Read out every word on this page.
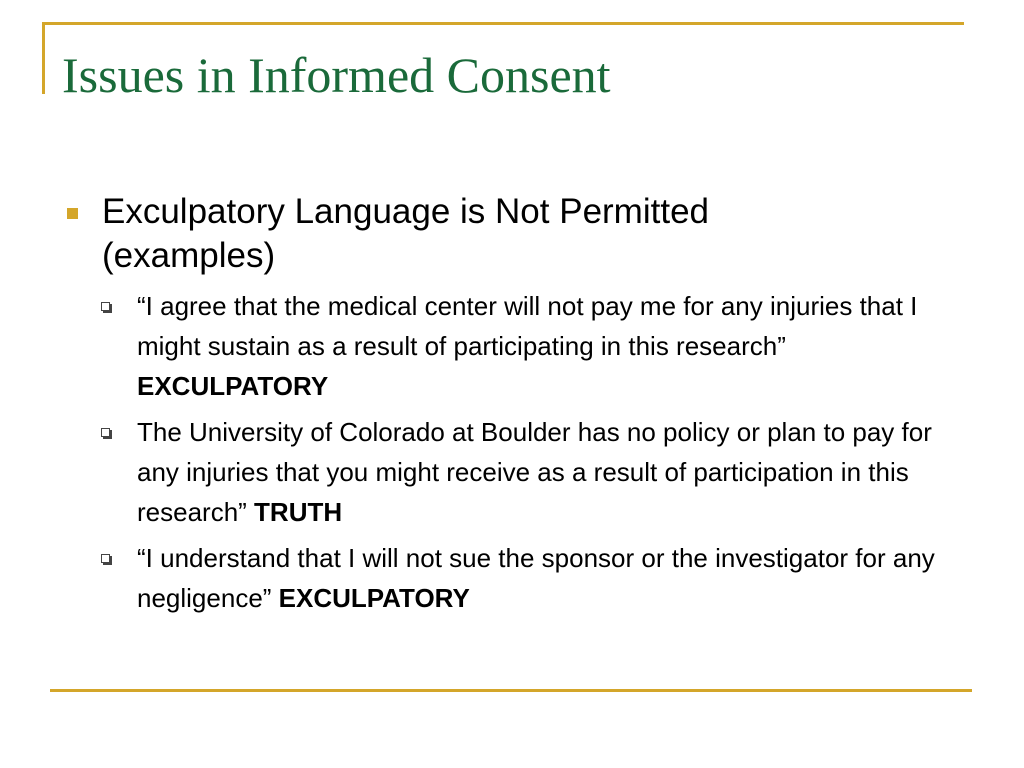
Issues in Informed Consent
Exculpatory Language is Not Permitted (examples)
“I agree that the medical center will not pay me for any injuries that I might sustain as a result of participating in this research” EXCULPATORY
The University of Colorado at Boulder has no policy or plan to pay for any injuries that you might receive as a result of participation in this research” TRUTH
“I understand that I will not sue the sponsor or the investigator for any negligence” EXCULPATORY
